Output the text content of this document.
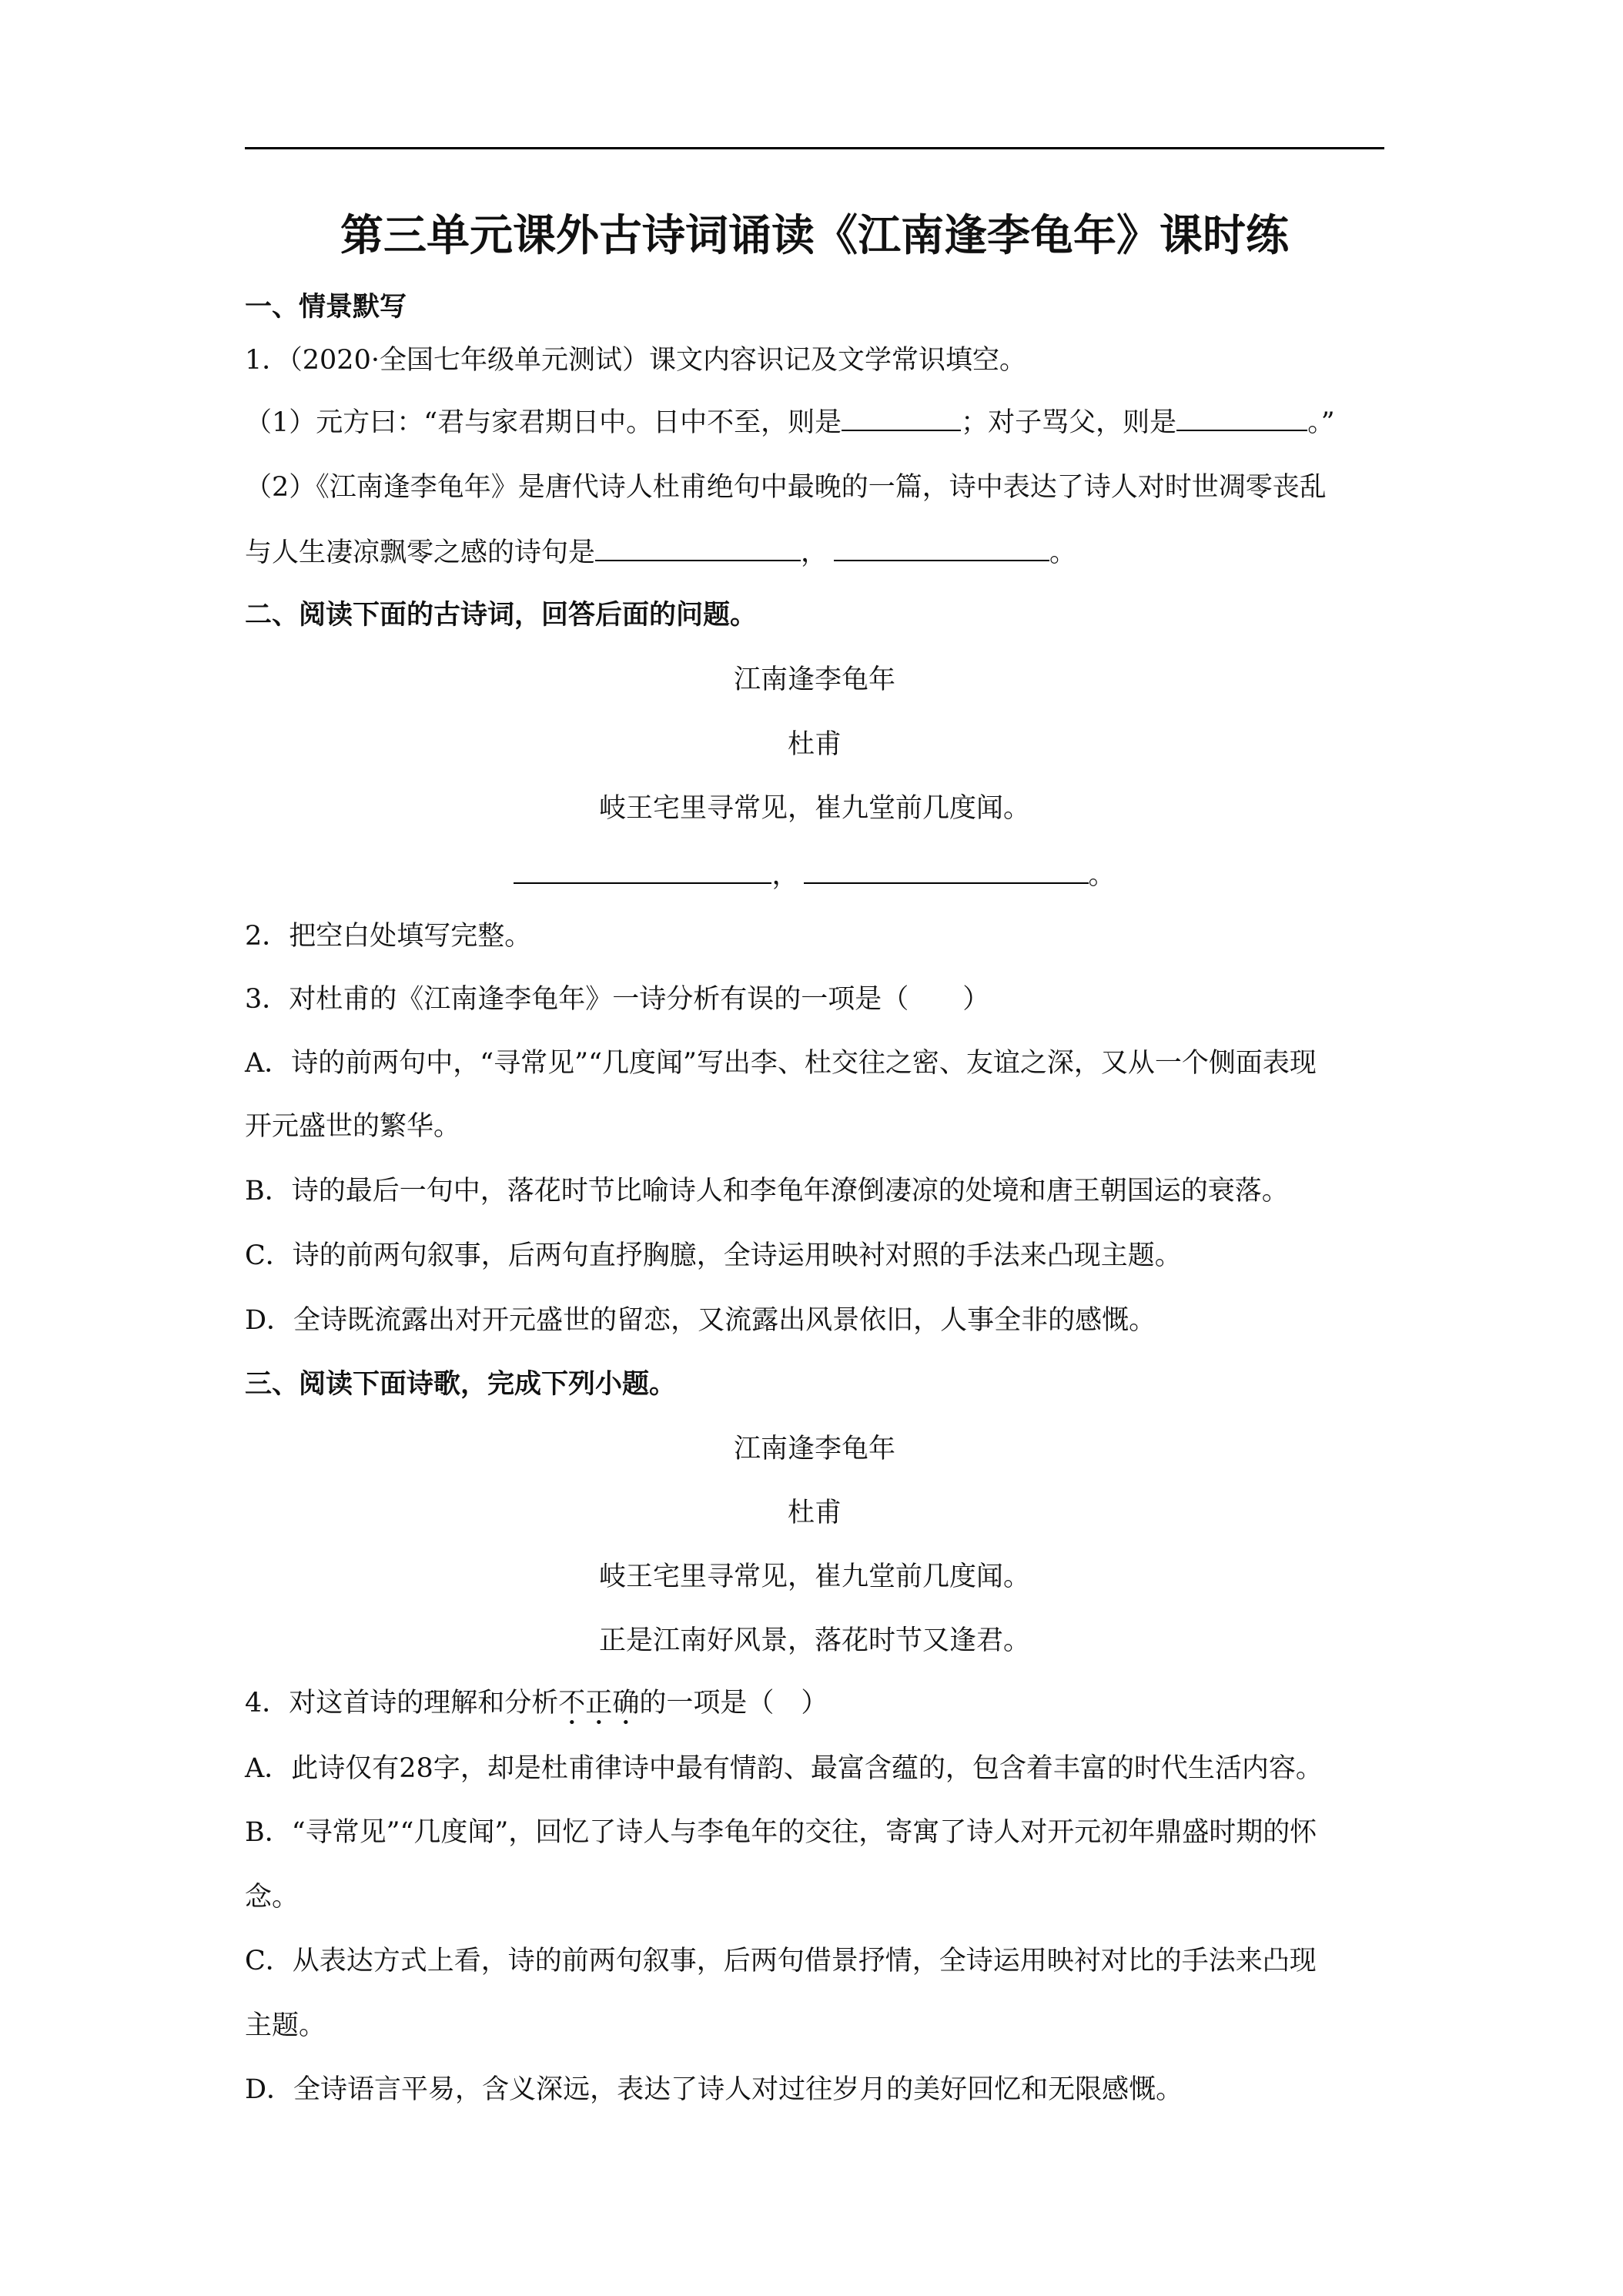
第三单元课外古诗词诵读《江南逢李龟年》课时练
一、情景默写
1．（2020·全国七年级单元测试）课文内容识记及文学常识填空。
（1）元方曰：“君与家君期日中。日中不至，则是	；对子骂父，则是	。”
（2）《江南逢李龟年》是唐代诗人杜甫绝句中最晚的一篇，诗中表达了诗人对时世凋零丧乱
与人生凄凉飘零之感的诗句是	，	。
二、阅读下面的古诗词，回答后面的问题。
江南逢李龟年
杜甫
岐王宅里寻常见，崔九堂前几度闻。
，	。
2．把空白处填写完整。
3．对杜甫的《江南逢李龟年》一诗分析有误的一项是（　　）
A．诗的前两句中，“寻常见”“几度闻”写出李、杜交往之密、友谊之深，又从一个侧面表现
开元盛世的繁华。
B．诗的最后一句中，落花时节比喻诗人和李龟年潦倒凄凉的处境和唐王朝国运的衰落。
C．诗的前两句叙事，后两句直抒胸臆，全诗运用映衬对照的手法来凸现主题。
D．全诗既流露出对开元盛世的留恋，又流露出风景依旧，人事全非的感慨。
三、阅读下面诗歌，完成下列小题。
江南逢李龟年
杜甫
岐王宅里寻常见，崔九堂前几度闻。
正是江南好风景，落花时节又逢君。
4．对这首诗的理解和分析不正确的一项是（　）
A．此诗仅有28字，却是杜甫律诗中最有情韵、最富含蕴的，包含着丰富的时代生活内容。
B．“寻常见”“几度闻”，回忆了诗人与李龟年的交往，寄寓了诗人对开元初年鼎盛时期的怀
念。
C．从表达方式上看，诗的前两句叙事，后两句借景抒情，全诗运用映衬对比的手法来凸现
主题。
D．全诗语言平易，含义深远，表达了诗人对过往岁月的美好回忆和无限感慨。
